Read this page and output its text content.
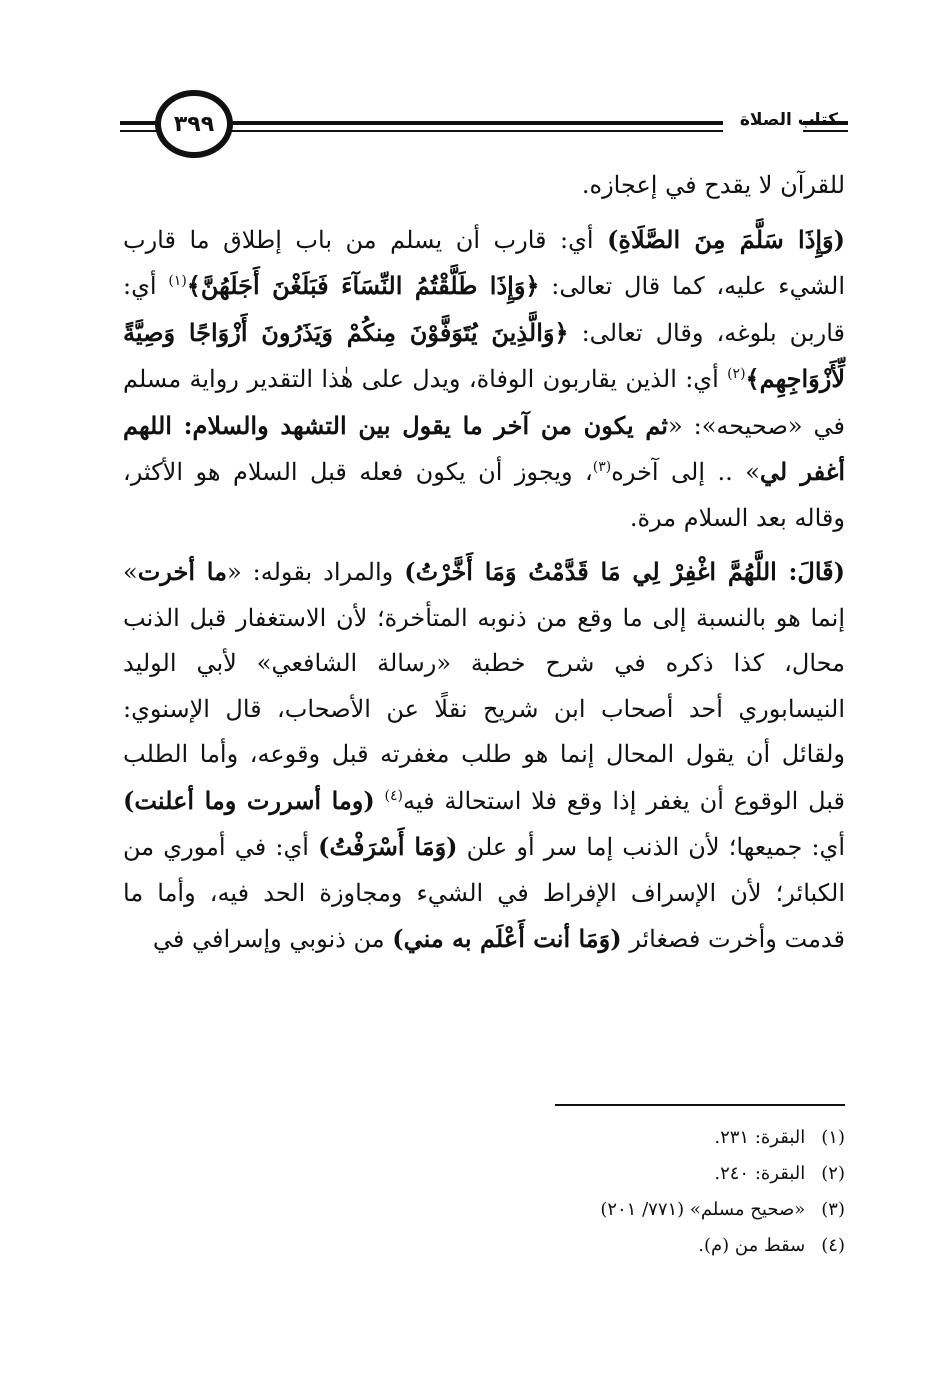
كتاب الصلاة
٣٩٩

للقرآن لا يقدح في إعجازه.

(وَإِذَا سَلَّمَ مِنَ الصَّلَاةِ) أي: قارب أن يسلم من باب إطلاق ما قارب الشيء عليه، كما قال تعالى: ﴿وَإِذَا طَلَّقْتُمُ النِّسَآءَ فَبَلَغْنَ أَجَلَهُنَّ﴾$^{(١)}$ أي: قاربن بلوغه، وقال تعالى: ﴿وَالَّذِينَ يُتَوَفَّوْنَ مِنكُمْ وَيَذَرُونَ أَزْوَاجًا وَصِيَّةً لِّأَزْوَاجِهِم﴾$^{(٢)}$ أي: الذين يقاربون الوفاة، ويدل على هٰذا التقدير رواية مسلم في «صحيحه»: «ثم يكون من آخر ما يقول بين التشهد والسلام: اللهم أغفر لي» .. إلى آخره$^{(٣)}$، ويجوز أن يكون فعله قبل السلام هو الأكثر، وقاله بعد السلام مرة.

(قَالَ: اللَّهُمَّ اغْفِرْ لِي مَا قَدَّمْتُ وَمَا أَخَّرْتُ) والمراد بقوله: «ما أخرت» إنما هو بالنسبة إلى ما وقع من ذنوبه المتأخرة؛ لأن الاستغفار قبل الذنب محال، كذا ذكره في شرح خطبة «رسالة الشافعي» لأبي الوليد النيسابوري أحد أصحاب ابن شريح نقلًا عن الأصحاب، قال الإسنوي: ولقائل أن يقول المحال إنما هو طلب مغفرته قبل وقوعه، وأما الطلب قبل الوقوع أن يغفر إذا وقع فلا استحالة فيه$^{(٤)}$ (وما أسررت وما أعلنت) أي: جميعها؛ لأن الذنب إما سر أو علن (وَمَا أَسْرَفْتُ) أي: في أموري من الكبائر؛ لأن الإسراف الإفراط في الشيء ومجاوزة الحد فيه، وأما ما قدمت وأخرت فصغائر (وَمَا أنت أَعْلَم به مني) من ذنوبي وإسرافي في

(١)البقرة: ٢٣١.
(٢)البقرة: ٢٤٠.
(٣)«صحيح مسلم» (٧٧١/ ٢٠١)
(٤)سقط من (م).
